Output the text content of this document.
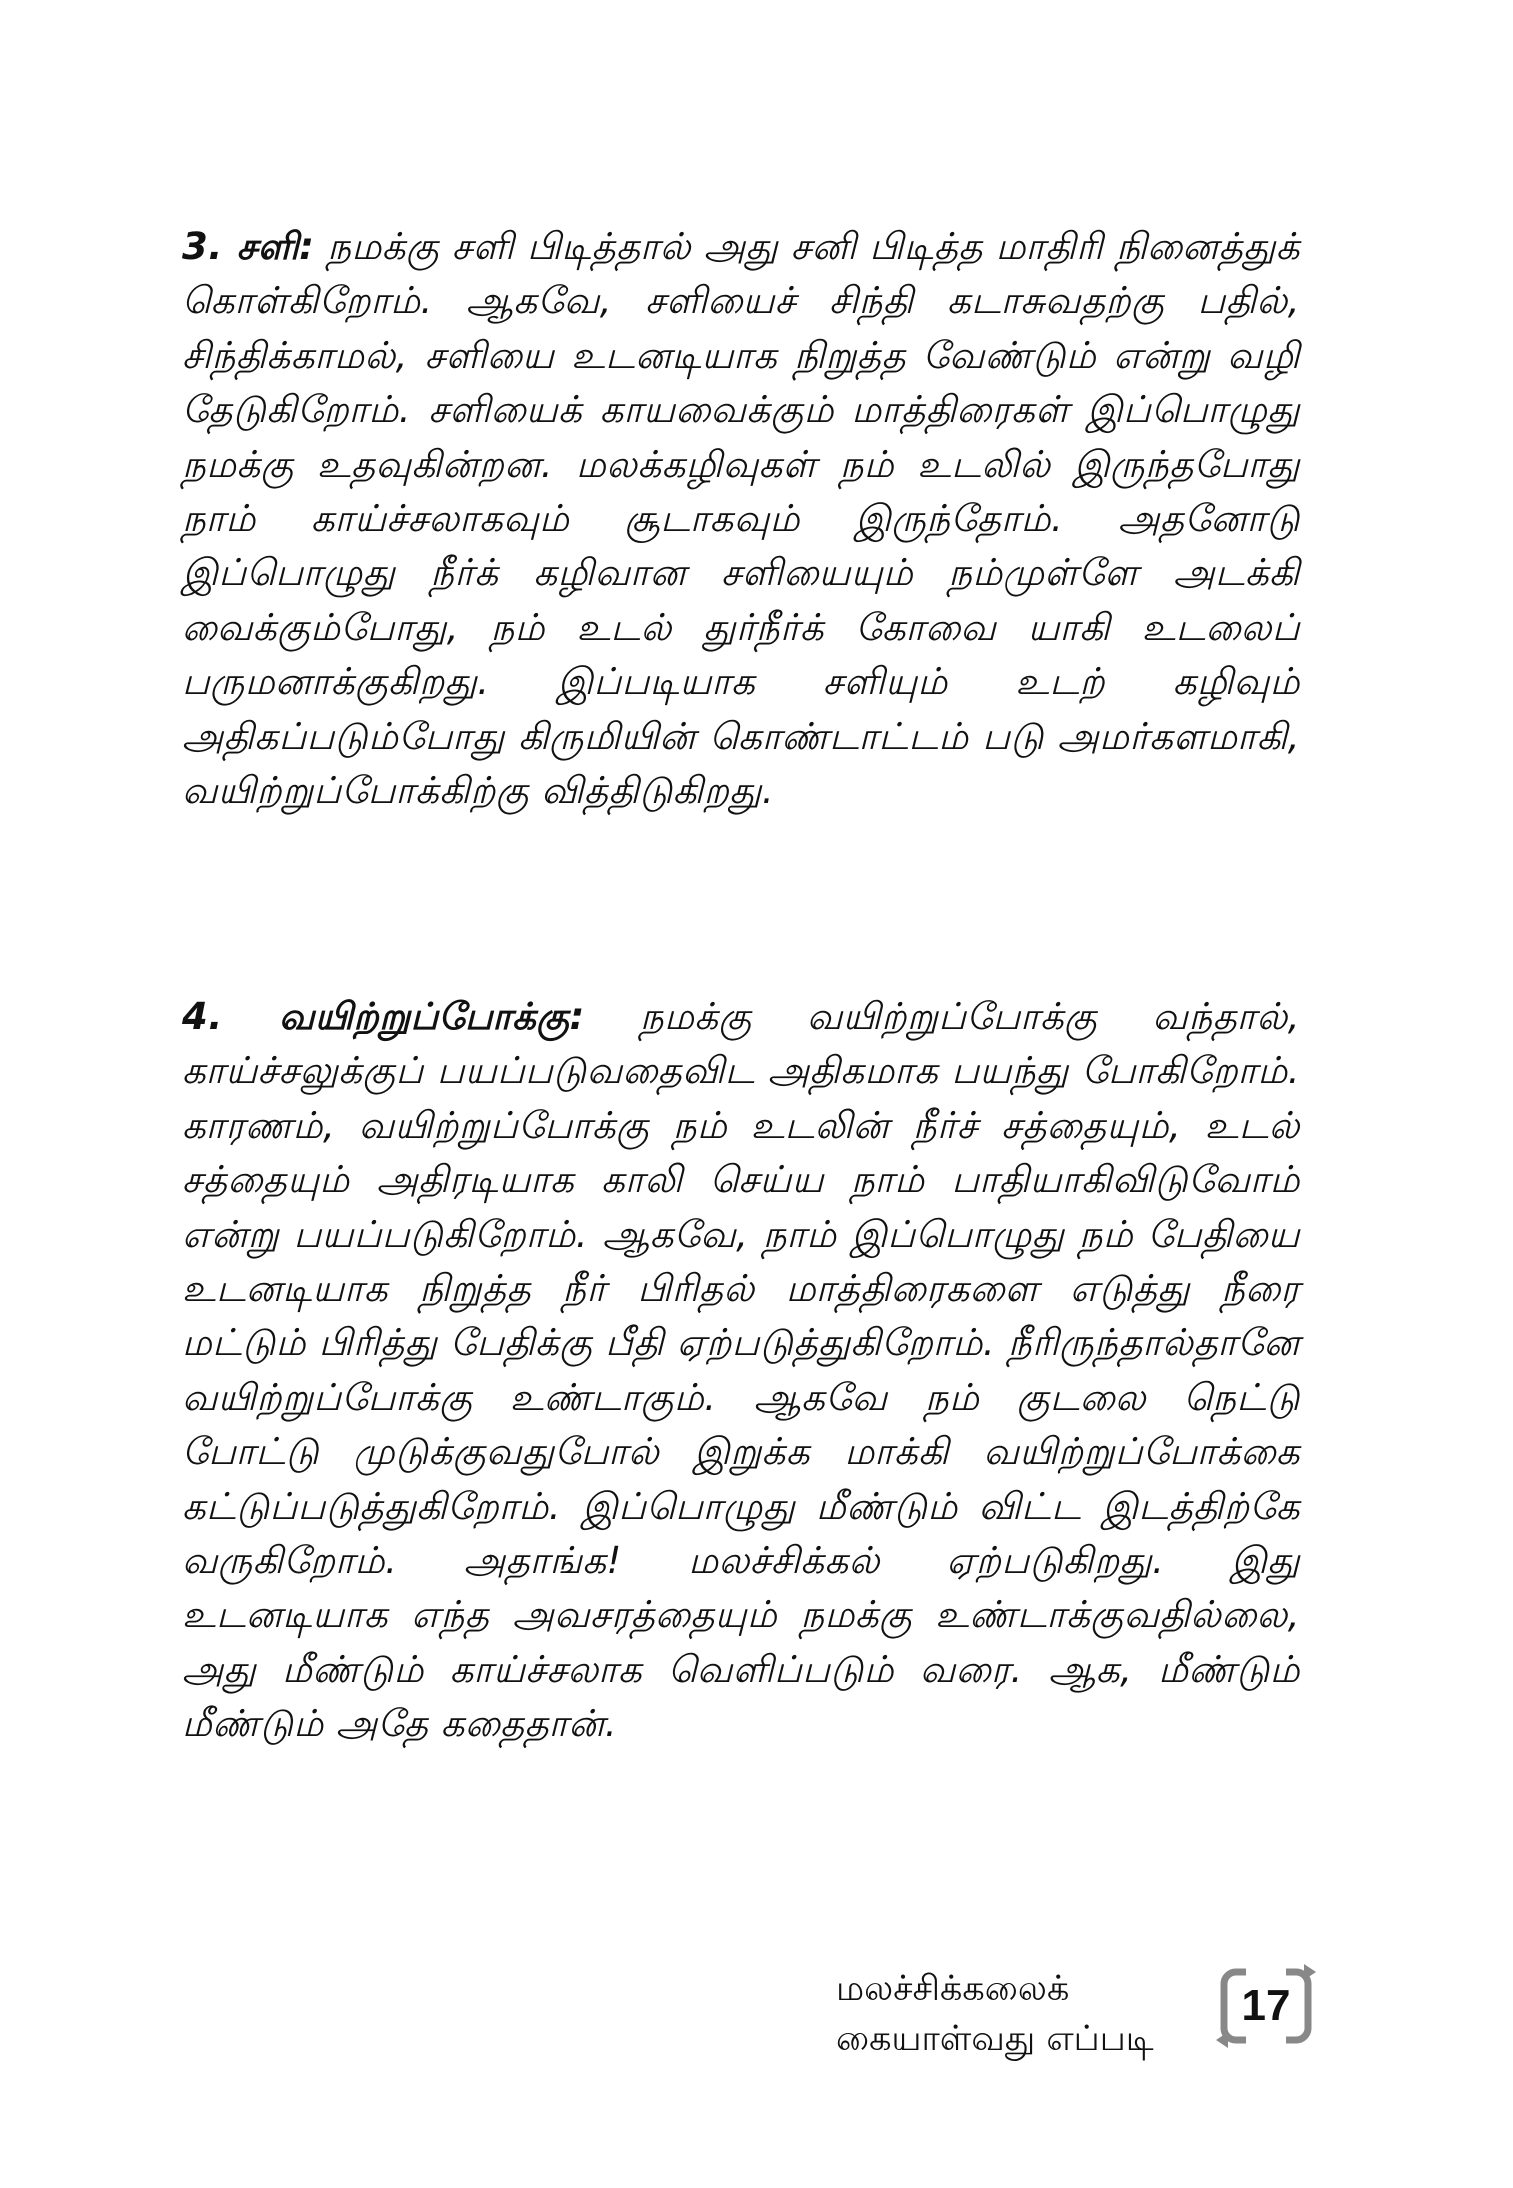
3. சளி: நமக்கு சளி பிடித்தால் அது சனி பிடித்த மாதிரி நினைத்துக் கொள்கிறோம். ஆகவே, சளியைச் சிந்தி கடாசுவதற்கு பதில், சிந்திக்காமல், சளியை உடனடியாக நிறுத்த வேண்டும் என்று வழி தேடுகிறோம். சளியைக் காயவைக்கும் மாத்திரைகள் இப்பொழுது நமக்கு உதவுகின்றன. மலக்கழிவுகள் நம் உடலில் இருந்தபோது நாம் காய்ச்சலாகவும் சூடாகவும் இருந்தோம். அதனோடு இப்பொழுது நீர்க் கழிவான சளியையும் நம்முள்ளே அடக்கி வைக்கும்போது, நம் உடல் துர்நீர்க் கோவை யாகி உடலைப் பருமனாக்குகிறது. இப்படியாக சளியும் உடற் கழிவும் அதிகப்படும்போது கிருமியின் கொண்டாட்டம் படு அமர்களமாகி, வயிற்றுப்போக்கிற்கு வித்திடுகிறது.

4. வயிற்றுப்போக்கு: நமக்கு வயிற்றுப்போக்கு வந்தால், காய்ச்சலுக்குப் பயப்படுவதைவிட அதிகமாக பயந்து போகிறோம். காரணம், வயிற்றுப்போக்கு நம் உடலின் நீர்ச் சத்தையும், உடல் சத்தையும் அதிரடியாக காலி செய்ய நாம் பாதியாகிவிடுவோம் என்று பயப்படுகிறோம். ஆகவே, நாம் இப்பொழுது நம் பேதியை உடனடியாக நிறுத்த நீர் பிரிதல் மாத்திரைகளை எடுத்து நீரை மட்டும் பிரித்து பேதிக்கு பீதி ஏற்படுத்துகிறோம். நீரிருந்தால்தானே வயிற்றுப்போக்கு உண்டாகும். ஆகவே நம் குடலை நெட்டு போட்டு முடுக்குவதுபோல் இறுக்க மாக்கி வயிற்றுப்போக்கை கட்டுப்படுத்துகிறோம். இப்பொழுது மீண்டும் விட்ட இடத்திற்கே வருகிறோம். அதாங்க! மலச்சிக்கல் ஏற்படுகிறது. இது உடனடியாக எந்த அவசரத்தையும் நமக்கு உண்டாக்குவதில்லை, அது மீண்டும் காய்ச்சலாக வெளிப்படும் வரை. ஆக, மீண்டும் மீண்டும் அதே கதைதான்.

மலச்சிக்கலைக்
கையாள்வது எப்படி
17
